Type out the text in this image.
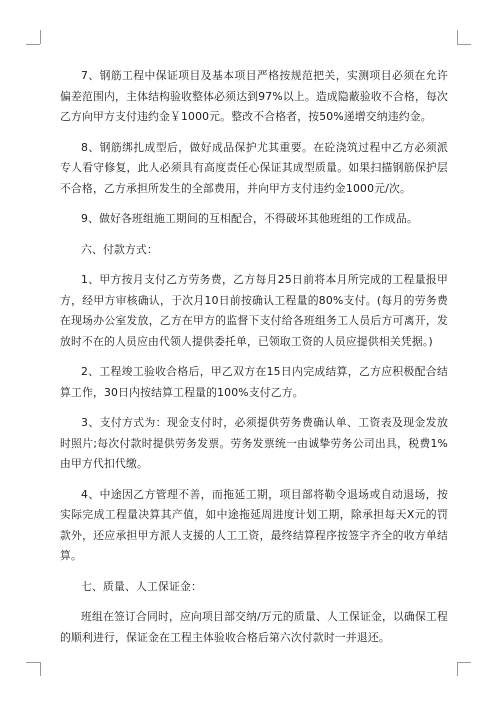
7、钢筋工程中保证项目及基本项目严格按规范把关，实测项目必须在允许偏差范围内，主体结构验收整体必须达到97%以上。造成隐蔽验收不合格，每次乙方向甲方支付违约金￥1000元。整改不合格者，按50%递增交纳违约金。

8、钢筋绑扎成型后，做好成品保护尤其重要。在砼浇筑过程中乙方必须派专人看守修复，此人必须具有高度责任心保证其成型质量。如果扫描钢筋保护层不合格，乙方承担所发生的全部费用，并向甲方支付违约金1000元/次。

9、做好各班组施工期间的互相配合，不得破坏其他班组的工作成品。

六、付款方式：

1、甲方按月支付乙方劳务费，乙方每月25日前将本月所完成的工程量报甲方，经甲方审核确认，于次月10日前按确认工程量的80%支付。(每月的劳务费在现场办公室发放，乙方在甲方的监督下支付给各班组务工人员后方可离开，发放时不在的人员应由代领人提供委托单，已领取工资的人员应提供相关凭据。)

2、工程竣工验收合格后，甲乙双方在15日内完成结算，乙方应积极配合结算工作，30日内按结算工程量的100%支付乙方。

3、支付方式为：现金支付时，必须提供劳务费确认单、工资表及现金发放时照片;每次付款时提供劳务发票。劳务发票统一由诚挚劳务公司出具，税费1%由甲方代扣代缴。

4、中途因乙方管理不善，而拖延工期，项目部将勒令退场或自动退场，按实际完成工程量决算其产值，如中途拖延周进度计划工期，除承担每天X元的罚款外，还应承担甲方派人支援的人工工资，最终结算程序按签字齐全的收方单结算。

七、质量、人工保证金：

班组在签订合同时，应向项目部交纳/万元的质量、人工保证金，以确保工程的顺利进行，保证金在工程主体验收合格后第六次付款时一并退还。
